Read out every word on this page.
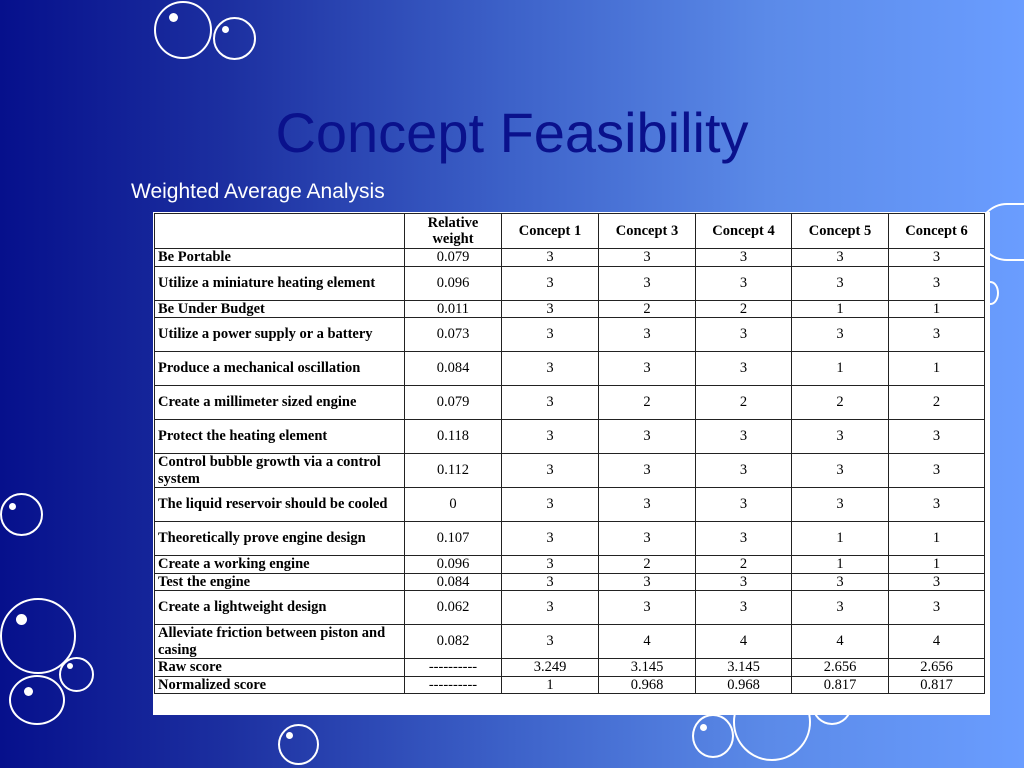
Concept Feasibility

Weighted Average Analysis

	Relative weight	Concept 1	Concept 3	Concept 4	Concept 5	Concept 6
Be Portable	0.079	3	3	3	3	3
Utilize a miniature heating element	0.096	3	3	3	3	3
Be Under Budget	0.011	3	2	2	1	1
Utilize a power supply or a battery	0.073	3	3	3	3	3
Produce a mechanical oscillation	0.084	3	3	3	1	1
Create a millimeter sized engine	0.079	3	2	2	2	2
Protect the heating element	0.118	3	3	3	3	3
Control bubble growth via a control system	0.112	3	3	3	3	3
The liquid reservoir should be cooled	0	3	3	3	3	3
Theoretically prove engine design	0.107	3	3	3	1	1
Create a working engine	0.096	3	2	2	1	1
Test the engine	0.084	3	3	3	3	3
Create a lightweight design	0.062	3	3	3	3	3
Alleviate friction between piston and casing	0.082	3	4	4	4	4
Raw score	----------	3.249	3.145	3.145	2.656	2.656
Normalized score	----------	1	0.968	0.968	0.817	0.817
